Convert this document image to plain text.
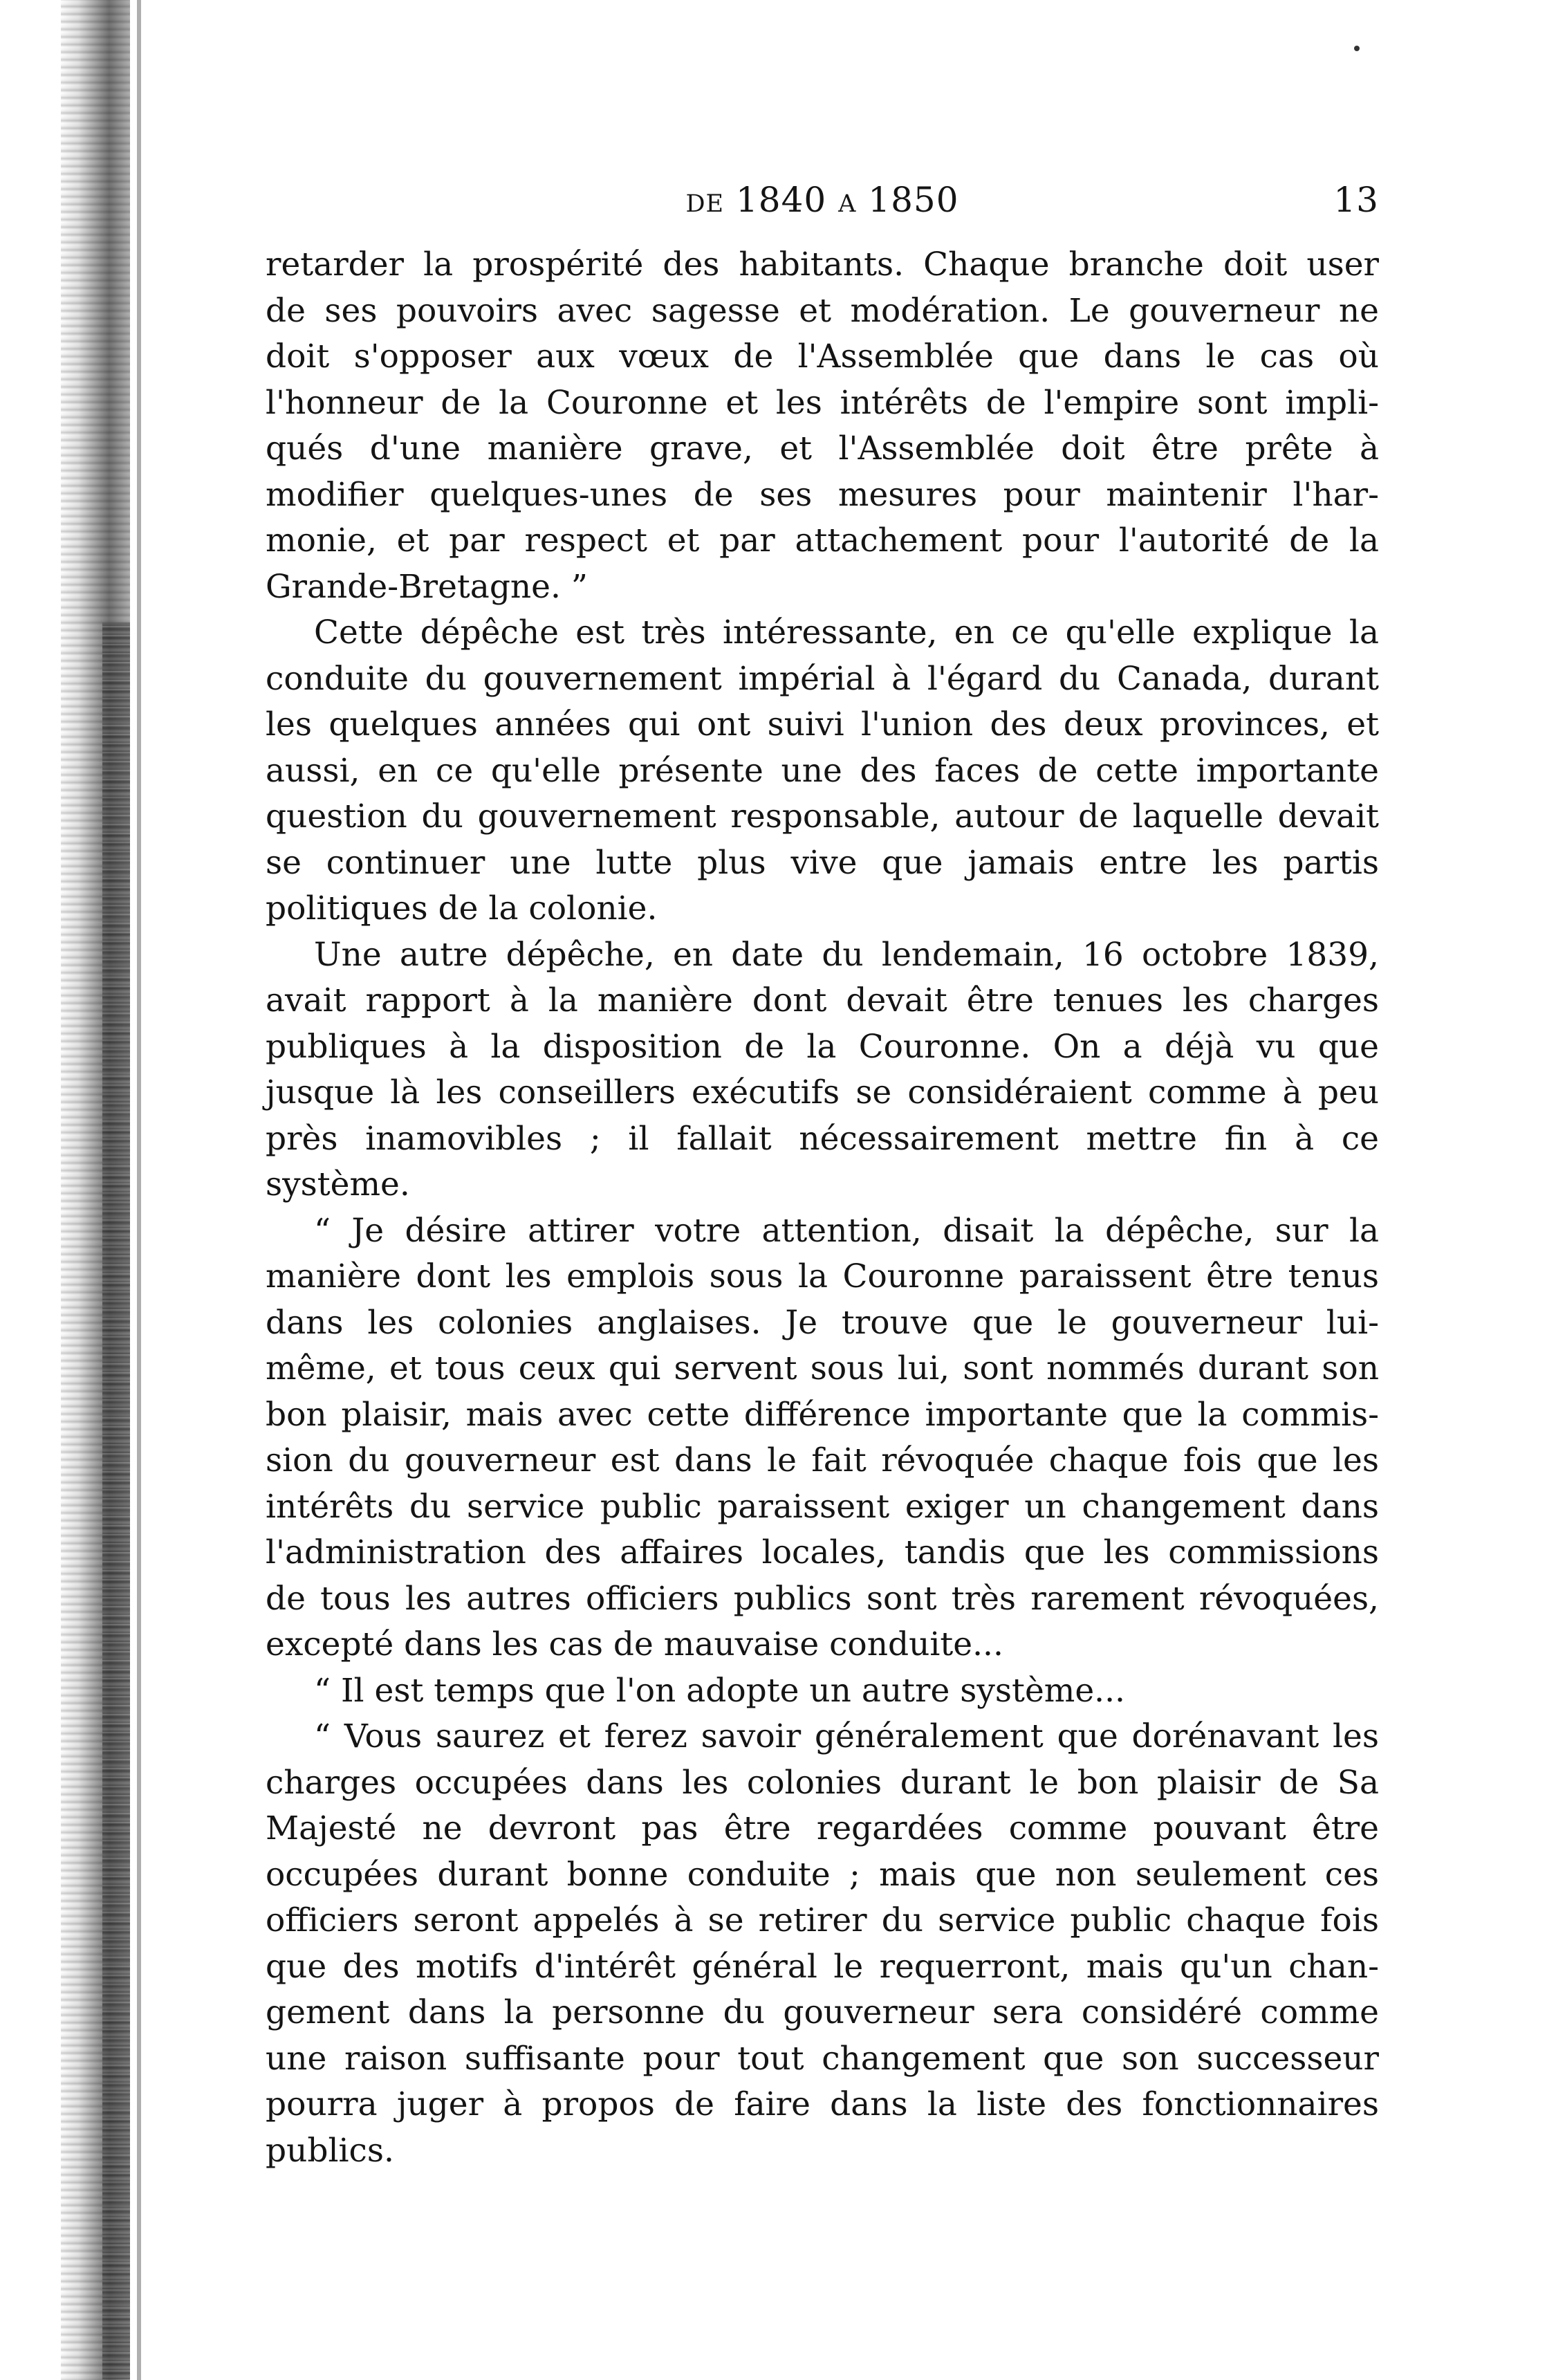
de 1840 a 1850	13

retarder la prospérité des habitants. Chaque branche doit user
de ses pouvoirs avec sagesse et modération. Le gouverneur ne
doit s'opposer aux vœux de l'Assemblée que dans le cas où
l'honneur de la Couronne et les intérêts de l'empire sont impli-
qués d'une manière grave, et l'Assemblée doit être prête à
modifier quelques-unes de ses mesures pour maintenir l'har-
monie, et par respect et par attachement pour l'autorité de la
Grande-Bretagne. ”

Cette dépêche est très intéressante, en ce qu'elle explique la
conduite du gouvernement impérial à l'égard du Canada, durant
les quelques années qui ont suivi l'union des deux provinces, et
aussi, en ce qu'elle présente une des faces de cette importante
question du gouvernement responsable, autour de laquelle devait
se continuer une lutte plus vive que jamais entre les partis
politiques de la colonie.

Une autre dépêche, en date du lendemain, 16 octobre 1839,
avait rapport à la manière dont devait être tenues les charges
publiques à la disposition de la Couronne. On a déjà vu que
jusque là les conseillers exécutifs se considéraient comme à peu
près inamovibles ; il fallait nécessairement mettre fin à ce
système.

“ Je désire attirer votre attention, disait la dépêche, sur la
manière dont les emplois sous la Couronne paraissent être tenus
dans les colonies anglaises. Je trouve que le gouverneur lui-
même, et tous ceux qui servent sous lui, sont nommés durant son
bon plaisir, mais avec cette différence importante que la commis-
sion du gouverneur est dans le fait révoquée chaque fois que les
intérêts du service public paraissent exiger un changement dans
l'administration des affaires locales, tandis que les commissions
de tous les autres officiers publics sont très rarement révoquées,
excepté dans les cas de mauvaise conduite...

“ Il est temps que l'on adopte un autre système...

“ Vous saurez et ferez savoir généralement que dorénavant les
charges occupées dans les colonies durant le bon plaisir de Sa
Majesté ne devront pas être regardées comme pouvant être
occupées durant bonne conduite ; mais que non seulement ces
officiers seront appelés à se retirer du service public chaque fois
que des motifs d'intérêt général le requerront, mais qu'un chan-
gement dans la personne du gouverneur sera considéré comme
une raison suffisante pour tout changement que son successeur
pourra juger à propos de faire dans la liste des fonctionnaires
publics.
